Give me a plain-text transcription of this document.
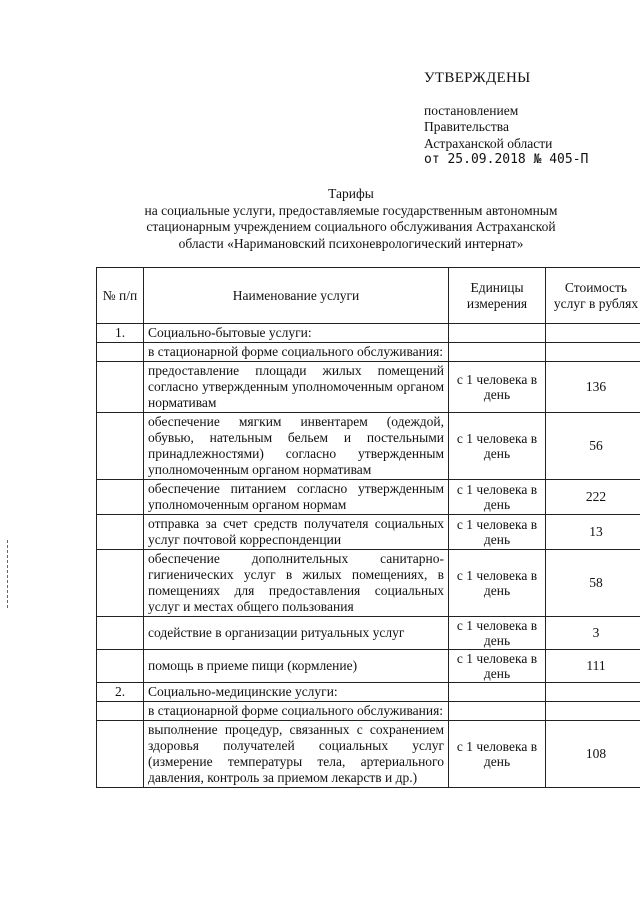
УТВЕРЖДЕНЫ
постановлением
Правительства
Астраханской области
от 25.09.2018 № 405-П
Тарифы
на социальные услуги, предоставляемые государственным автономным
стационарным учреждением социального обслуживания Астраханской
области «Наримановский психоневрологический интернат»
№ п/п	Наименование услуги	Единицы измерения	Стоимость услуг в рублях
1.	Социально-бытовые услуги:		
	в стационарной форме социального обслуживания:		
	предоставление площади жилых помещений согласно утвержденным уполномоченным органом нормативам	с 1 человека в день	136
	обеспечение мягким инвентарем (одеждой, обувью, нательным бельем и постельными принадлежностями) согласно утвержденным уполномоченным органом нормативам	с 1 человека в день	56
	обеспечение питанием согласно утвержденным уполномоченным органом нормам	с 1 человека в день	222
	отправка за счет средств получателя социальных услуг почтовой корреспонденции	с 1 человека в день	13
	обеспечение дополнительных санитарно-гигиенических услуг в жилых помещениях, в помещениях для предоставления социальных услуг и местах общего пользования	с 1 человека в день	58
	содействие в организации ритуальных услуг	с 1 человека в день	3
	помощь в приеме пищи (кормление)	с 1 человека в день	111
2.	Социально-медицинские услуги:		
	в стационарной форме социального обслуживания:		
	выполнение процедур, связанных с сохранением здоровья получателей социальных услуг (измерение температуры тела, артериального давления, контроль за приемом лекарств и др.)	с 1 человека в день	108
